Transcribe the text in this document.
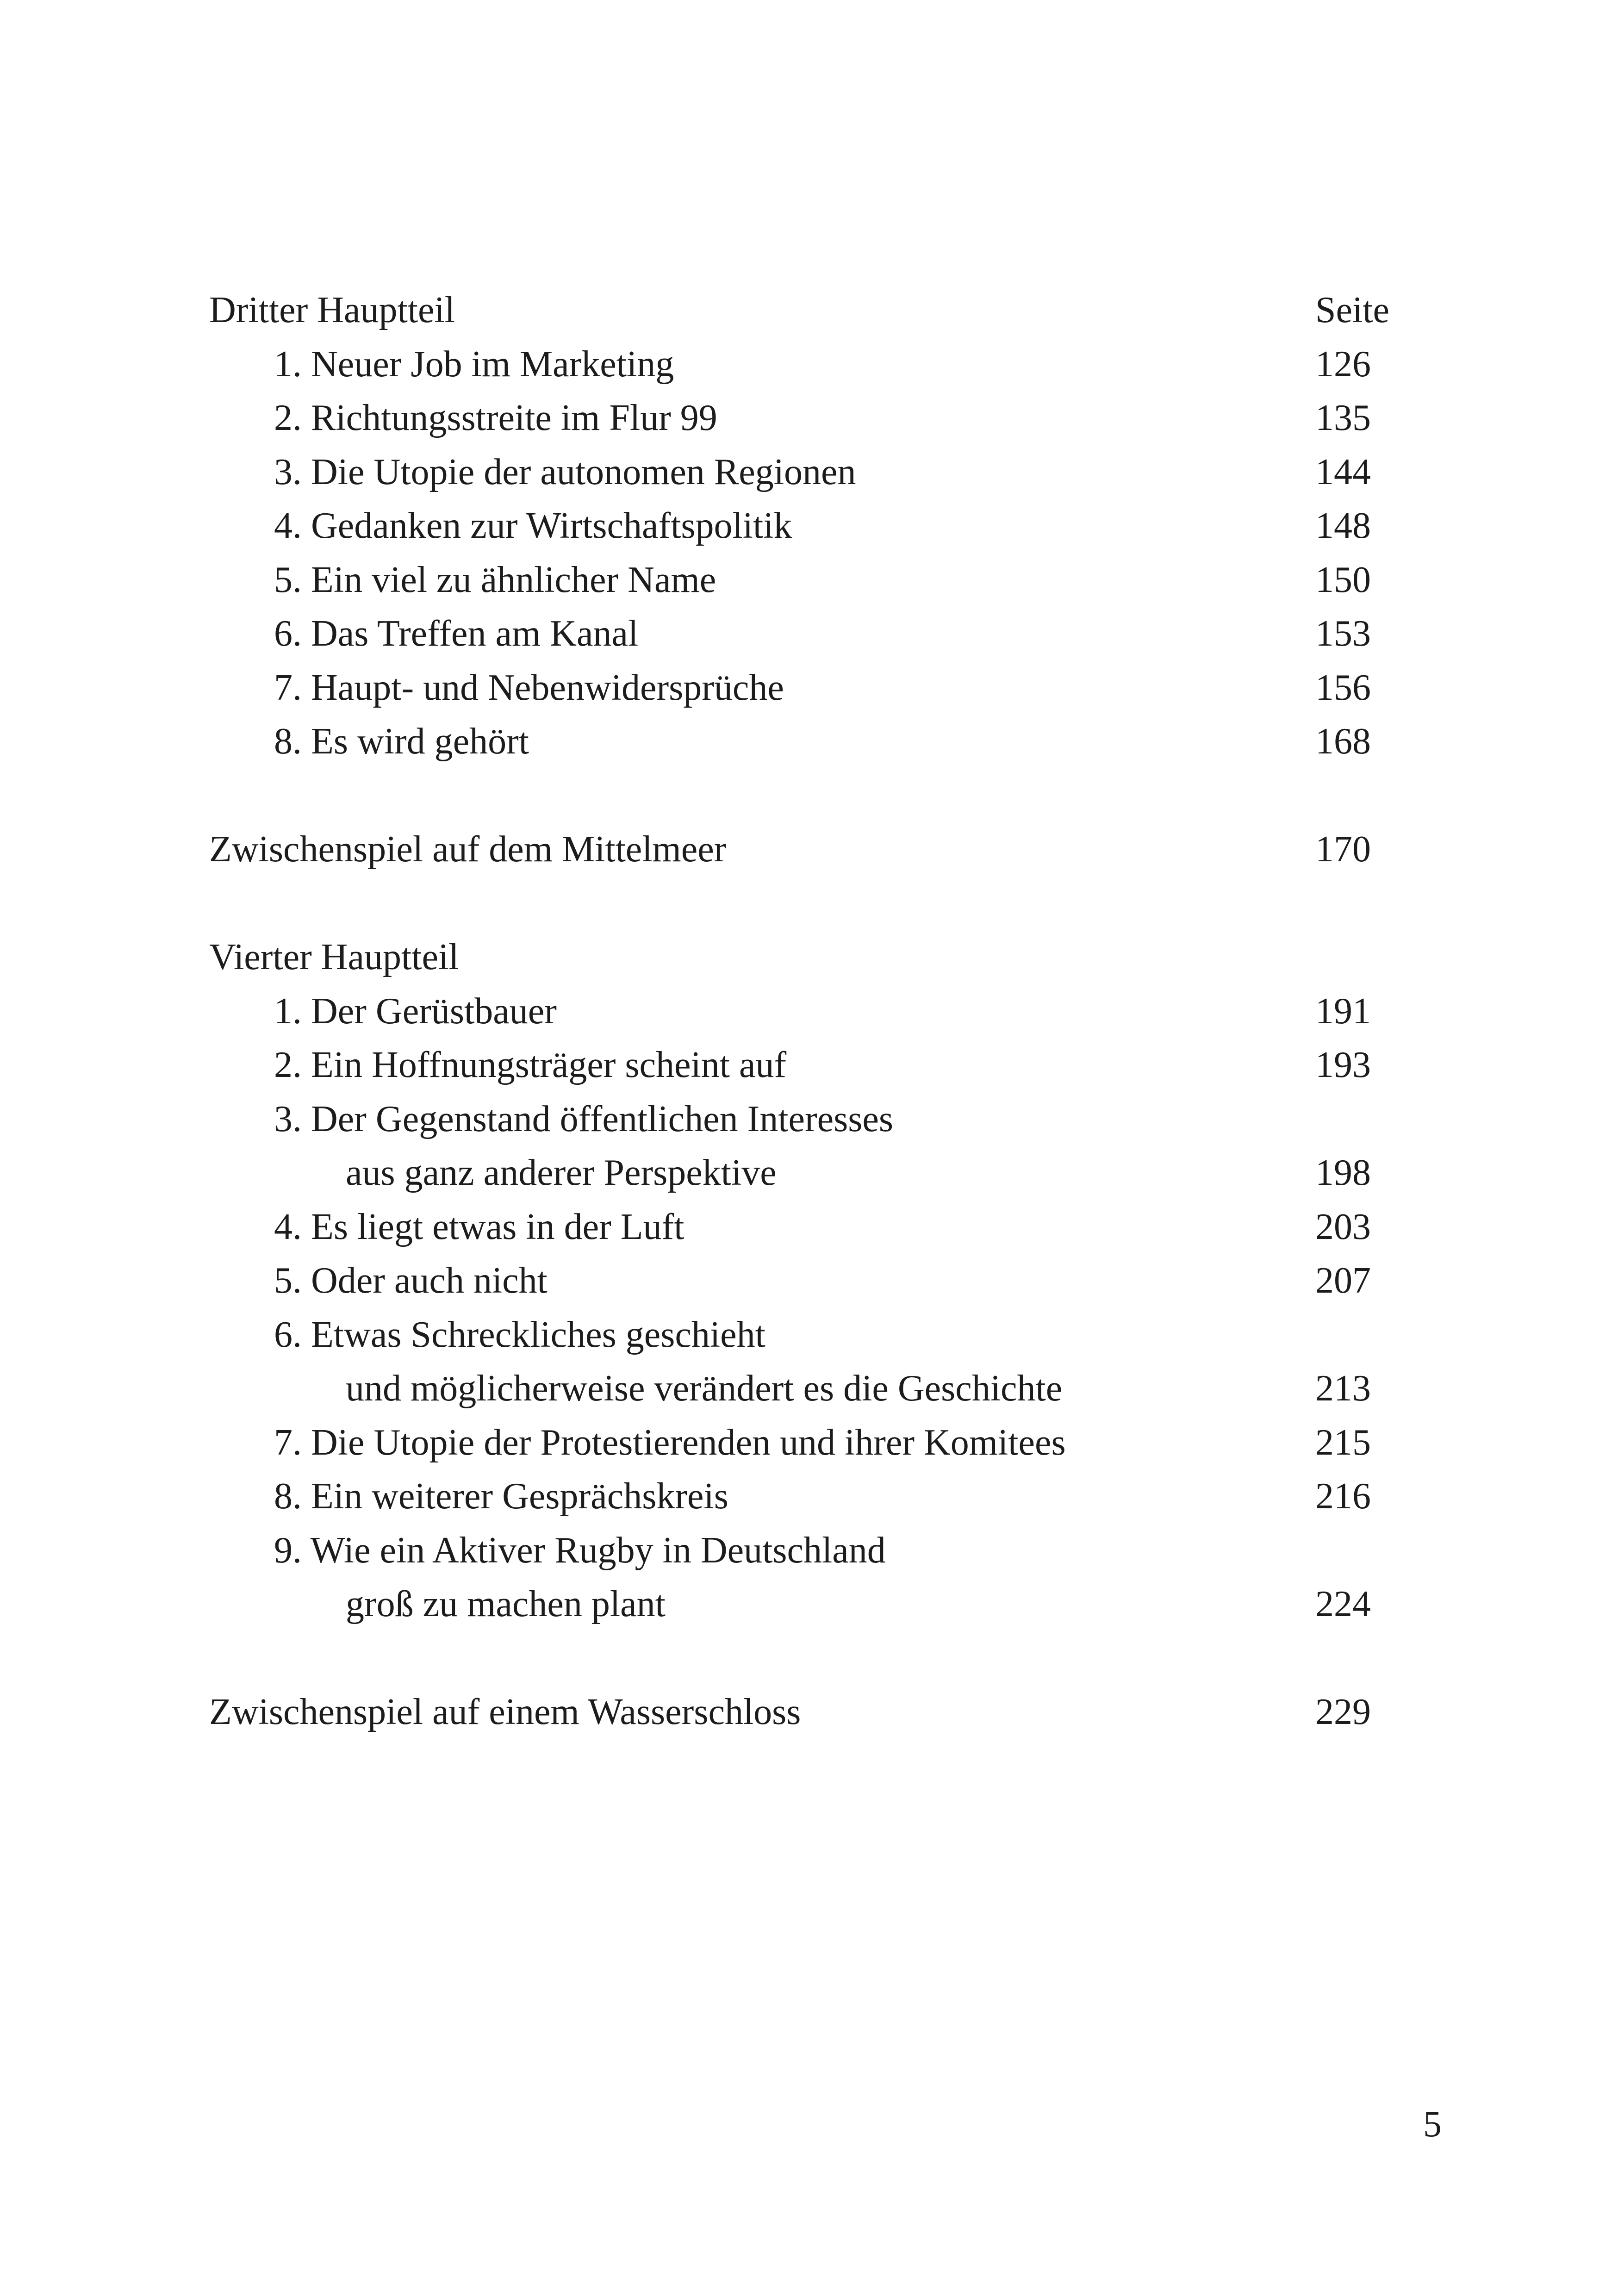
Dritter Hauptteil	Seite
1. Neuer Job im Marketing	126
2. Richtungsstreite im Flur 99	135
3. Die Utopie der autonomen Regionen	144
4. Gedanken zur Wirtschaftspolitik	148
5. Ein viel zu ähnlicher Name	150
6. Das Treffen am Kanal	153
7. Haupt- und Nebenwidersprüche	156
8. Es wird gehört	168
Zwischenspiel auf dem Mittelmeer	170
Vierter Hauptteil
1. Der Gerüstbauer	191
2. Ein Hoffnungsträger scheint auf	193
3. Der Gegenstand öffentlichen Interesses
aus ganz anderer Perspektive	198
4. Es liegt etwas in der Luft	203
5. Oder auch nicht	207
6. Etwas Schreckliches geschieht
und möglicherweise verändert es die Geschichte	213
7. Die Utopie der Protestierenden und ihrer Komitees	215
8. Ein weiterer Gesprächskreis	216
9. Wie ein Aktiver Rugby in Deutschland
groß zu machen plant	224
Zwischenspiel auf einem Wasserschloss	229
5
